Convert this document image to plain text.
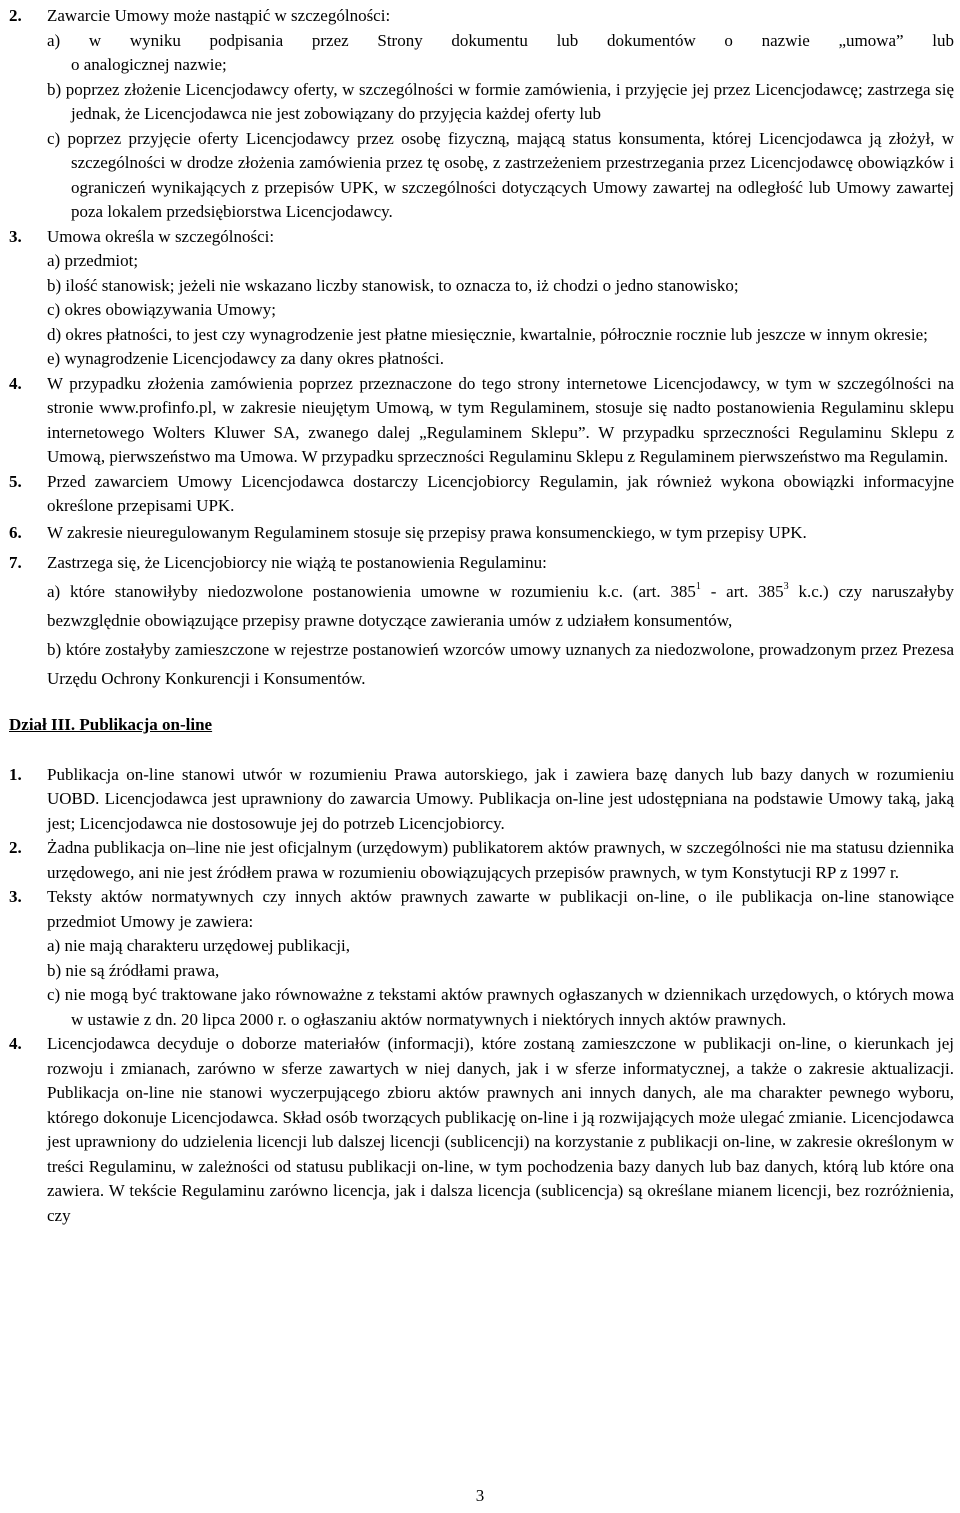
2. Zawarcie Umowy może nastąpić w szczególności:
a) w wyniku podpisania przez Strony dokumentu lub dokumentów o nazwie „umowa” lub
o analogicznej nazwie;
b) poprzez złożenie Licencjodawcy oferty, w szczególności w formie zamówienia, i przyjęcie jej przez Licencjodawcę; zastrzega się jednak, że Licencjodawca nie jest zobowiązany do przyjęcia każdej oferty lub
c) poprzez przyjęcie oferty Licencjodawcy przez osobę fizyczną, mającą status konsumenta, której Licencjodawca ją złożył, w szczególności w drodze złożenia zamówienia przez tę osobę, z zastrzeżeniem przestrzegania przez Licencjodawcę obowiązków i ograniczeń wynikających z przepisów UPK, w szczególności dotyczących Umowy zawartej na odległość lub Umowy zawartej poza lokalem przedsiębiorstwa Licencjodawcy.
3. Umowa określa w szczególności:
a) przedmiot;
b) ilość stanowisk; jeżeli nie wskazano liczby stanowisk, to oznacza to, iż chodzi o jedno stanowisko;
c) okres obowiązywania Umowy;
d) okres płatności, to jest czy wynagrodzenie jest płatne miesięcznie, kwartalnie, półrocznie rocznie lub jeszcze w innym okresie;
e) wynagrodzenie Licencjodawcy za dany okres płatności.
4. W przypadku złożenia zamówienia poprzez przeznaczone do tego strony internetowe Licencjodawcy, w tym w szczególności na stronie www.profinfo.pl, w zakresie nieujętym Umową, w tym Regulaminem, stosuje się nadto postanowienia Regulaminu sklepu internetowego Wolters Kluwer SA, zwanego dalej „Regulaminem Sklepu”. W przypadku sprzeczności Regulaminu Sklepu z Umową, pierwszeństwo ma Umowa. W przypadku sprzeczności Regulaminu Sklepu z Regulaminem pierwszeństwo ma Regulamin.
5. Przed zawarciem Umowy Licencjodawca dostarczy Licencjobiorcy Regulamin, jak również wykona obowiązki informacyjne określone przepisami UPK.
6. W zakresie nieuregulowanym Regulaminem stosuje się przepisy prawa konsumenckiego, w tym przepisy UPK.
7. Zastrzega się, że Licencjobiorcy nie wiążą te postanowienia Regulaminu:
a) które stanowiłyby niedozwolone postanowienia umowne w rozumieniu k.c. (art. $385^1$ - art. $385^3$ k.c.) czy naruszałyby bezwzględnie obowiązujące przepisy prawne dotyczące zawierania umów z udziałem konsumentów,
b) które zostałyby zamieszczone w rejestrze postanowień wzorców umowy uznanych za niedozwolone, prowadzonym przez Prezesa Urzędu Ochrony Konkurencji i Konsumentów.
Dział III. Publikacja on-line
1. Publikacja on-line stanowi utwór w rozumieniu Prawa autorskiego, jak i zawiera bazę danych lub bazy danych w rozumieniu UOBD. Licencjodawca jest uprawniony do zawarcia Umowy. Publikacja on-line jest udostępniana na podstawie Umowy taką, jaką jest; Licencjodawca nie dostosowuje jej do potrzeb Licencjobiorcy.
2. Żadna publikacja on–line nie jest oficjalnym (urzędowym) publikatorem aktów prawnych, w szczególności nie ma statusu dziennika urzędowego, ani nie jest źródłem prawa w rozumieniu obowiązujących przepisów prawnych, w tym Konstytucji RP z 1997 r.
3. Teksty aktów normatywnych czy innych aktów prawnych zawarte w publikacji on-line, o ile publikacja on-line stanowiące przedmiot Umowy je zawiera:
a) nie mają charakteru urzędowej publikacji,
b) nie są źródłami prawa,
c) nie mogą być traktowane jako równoważne z tekstami aktów prawnych ogłaszanych w dziennikach urzędowych, o których mowa w ustawie z dn. 20 lipca 2000 r. o ogłaszaniu aktów normatywnych i niektórych innych aktów prawnych.
4. Licencjodawca decyduje o doborze materiałów (informacji), które zostaną zamieszczone w publikacji on-line, o kierunkach jej rozwoju i zmianach, zarówno w sferze zawartych w niej danych, jak i w sferze informatycznej, a także o zakresie aktualizacji. Publikacja on-line nie stanowi wyczerpującego zbioru aktów prawnych ani innych danych, ale ma charakter pewnego wyboru, którego dokonuje Licencjodawca. Skład osób tworzących publikację on-line i ją rozwijających może ulegać zmianie. Licencjodawca jest uprawniony do udzielenia licencji lub dalszej licencji (sublicencji) na korzystanie z publikacji on-line, w zakresie określonym w treści Regulaminu, w zależności od statusu publikacji on-line, w tym pochodzenia bazy danych lub baz danych, którą lub które ona zawiera. W tekście Regulaminu zarówno licencja, jak i dalsza licencja (sublicencja) są określane mianem licencji, bez rozróżnienia, czy
3
